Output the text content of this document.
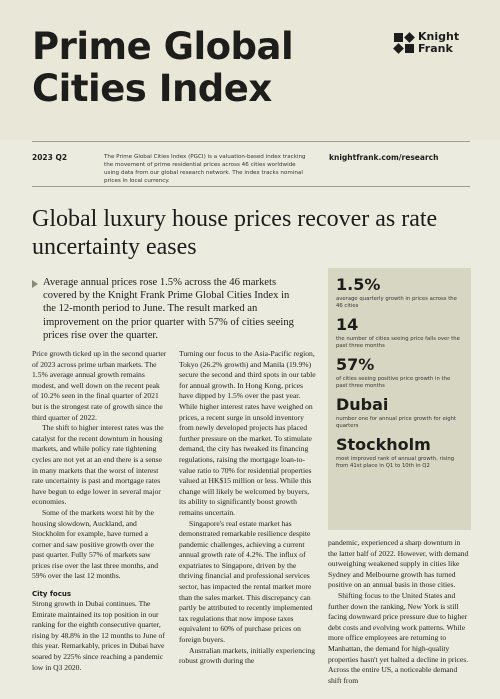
Prime Global
Cities Index
Knight
Frank
2023 Q2	The Prime Global Cities Index (PGCI) is a valuation-based index tracking the movement of prime residential prices across 46 cities worldwide using data from our global research network. The index tracks nominal prices in local currency.
knightfrank.com/research
Global luxury house prices recover as rate uncertainty eases
Average annual prices rose 1.5% across the 46 markets covered by the Knight Frank Prime Global Cities Index in the 12-month period to June. The result marked an improvement on the prior quarter with 57% of cities seeing prices rise over the quarter.
1.5%
average quarterly growth in prices across the 46 cities
14
the number of cities seeing price falls over the past three months
57%
of cities seeing positive price growth in the past three months
Dubai
number one for annual price growth for eight quarters
Stockholm
most improved rank of annual growth, rising from 41st place in Q1 to 10th in Q2

Price growth ticked up in the second quarter of 2023 across prime urban markets. The 1.5% average annual growth remains modest, and well down on the recent peak of 10.2% seen in the final quarter of 2021 but is the strongest rate of growth since the third quarter of 2022.

The shift to higher interest rates was the catalyst for the recent downturn in housing markets, and while policy rate tightening cycles are not yet at an end there is a sense in many markets that the worst of interest rate uncertainty is past and mortgage rates have begun to edge lower in several major economies.

Some of the markets worst hit by the housing slowdown, Auckland, and Stockholm for example, have turned a corner and saw positive growth over the past quarter. Fully 57% of markets saw prices rise over the last three months, and 59% over the last 12 months.

City focus

Strong growth in Dubai continues. The Emirate maintained its top position in our ranking for the eighth consecutive quarter, rising by 48.8% in the 12 months to June of this year. Remarkably, prices in Dubai have soared by 225% since reaching a pandemic low in Q3 2020.

Turning our focus to the Asia-Pacific region, Tokyo (26.2% growth) and Manila (19.9%) secure the second and third spots in our table for annual growth. In Hong Kong, prices have dipped by 1.5% over the past year. While higher interest rates have weighed on prices, a recent surge in unsold inventory from newly developed projects has placed further pressure on the market. To stimulate demand, the city has tweaked its financing regulations, raising the mortgage loan-to-value ratio to 70% for residential properties valued at HK$15 million or less. While this change will likely be welcomed by buyers, its ability to significantly boost growth remains uncertain.

Singapore's real estate market has demonstrated remarkable resilience despite pandemic challenges, achieving a current annual growth rate of 4.2%. The influx of expatriates to Singapore, driven by the thriving financial and professional services sector, has impacted the rental market more than the sales market. This discrepancy can partly be attributed to recently implemented tax regulations that now impose taxes equivalent to 60% of purchase prices on foreign buyers.

Australian markets, initially experiencing robust growth during the

pandemic, experienced a sharp downturn in the latter half of 2022. However, with demand outweighing weakened supply in cities like Sydney and Melbourne growth has turned positive on an annual basis in those cities.

Shifting focus to the United States and further down the ranking, New York is still facing downward price pressure due to higher debt costs and evolving work patterns. While more office employees are returning to Manhattan, the demand for high-quality properties hasn't yet halted a decline in prices. Across the entire US, a noticeable demand shift from
